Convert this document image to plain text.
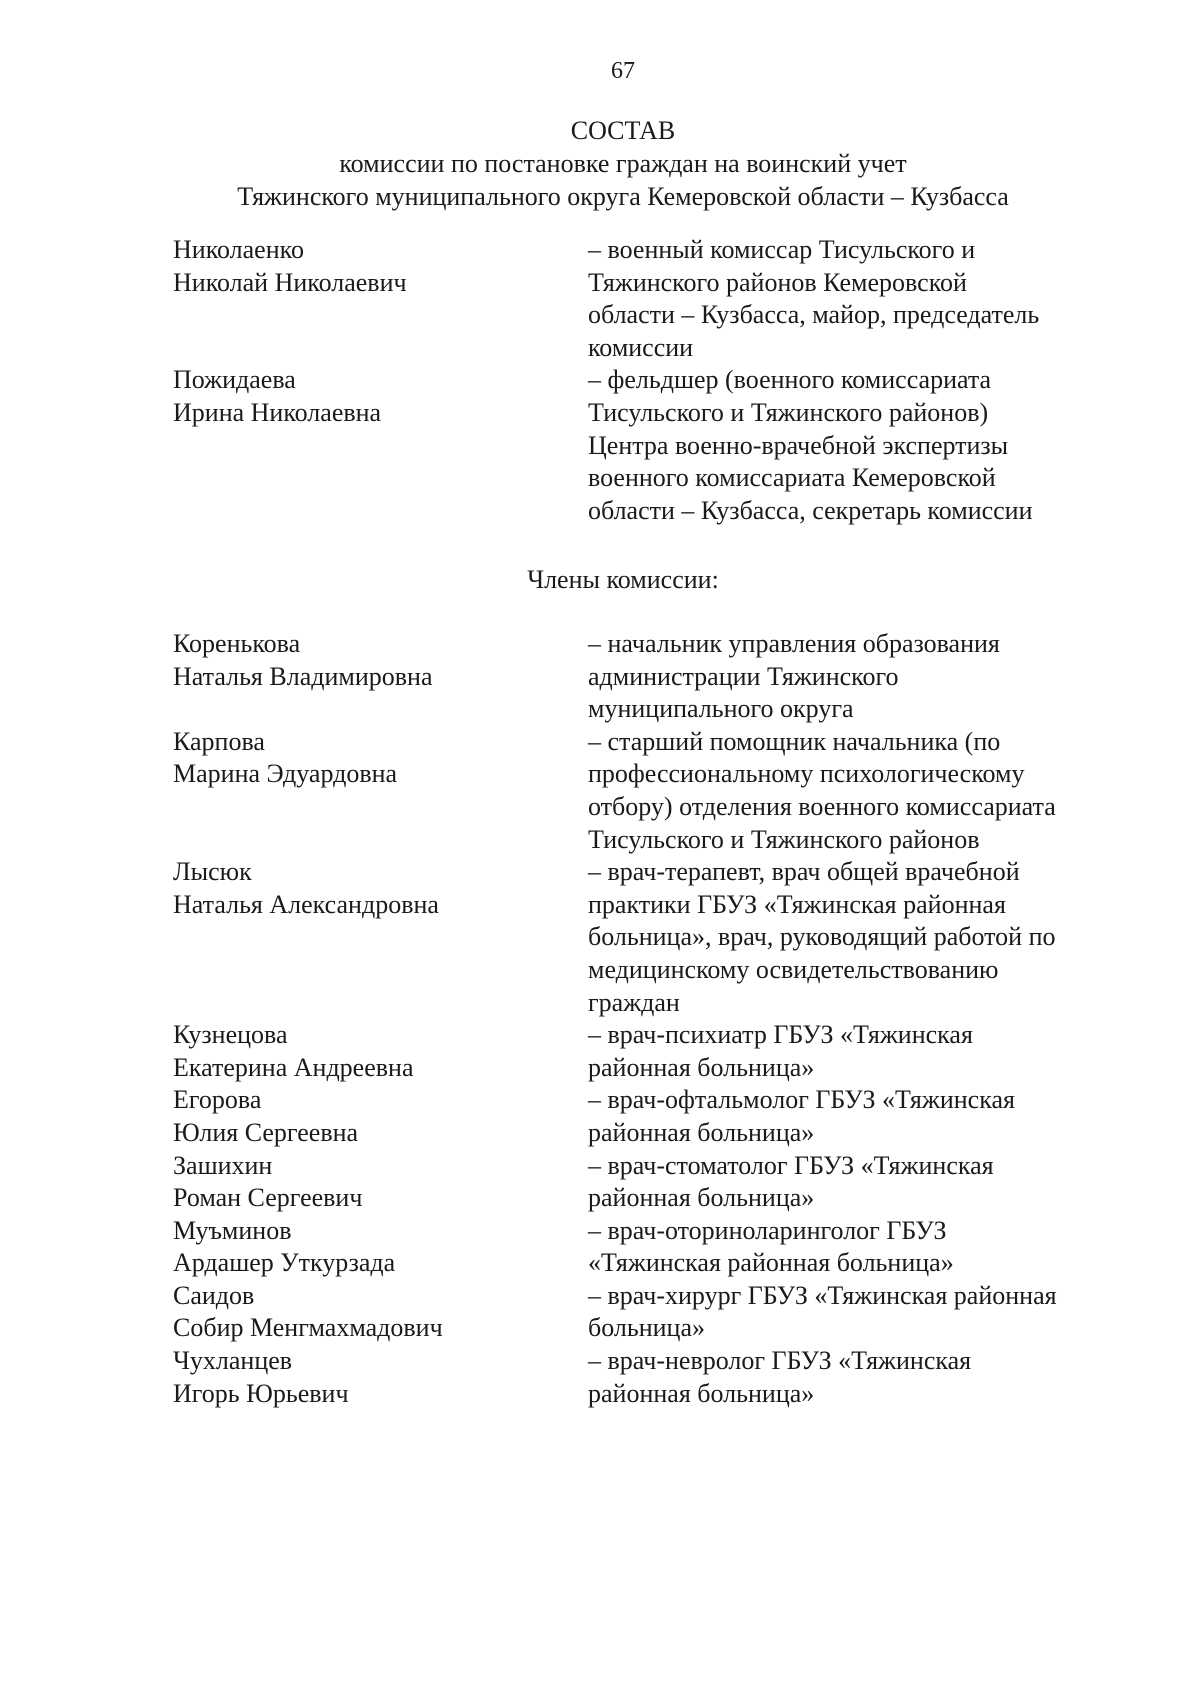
67
СОСТАВ
комиссии по постановке граждан на воинский учет
Тяжинского муниципального округа Кемеровской области – Кузбасса
Николаенко
Николай Николаевич
– военный комиссар Тисульского и
Тяжинского районов Кемеровской
области – Кузбасса, майор, председатель
комиссии
Пожидаева
Ирина Николаевна
– фельдшер (военного комиссариата
Тисульского и Тяжинского районов)
Центра военно-врачебной экспертизы
военного комиссариата Кемеровской
области – Кузбасса, секретарь комиссии
Члены комиссии:
Коренькова
Наталья Владимировна
– начальник управления образования
администрации Тяжинского
муниципального округа
Карпова
Марина Эдуардовна
– старший помощник начальника (по
профессиональному психологическому
отбору) отделения военного комиссариата
Тисульского и Тяжинского районов
Лысюк
Наталья Александровна
– врач-терапевт, врач общей врачебной
практики ГБУЗ «Тяжинская районная
больница», врач, руководящий работой по
медицинскому освидетельствованию
граждан
Кузнецова
Екатерина Андреевна
– врач-психиатр ГБУЗ «Тяжинская
районная больница»
Егорова
Юлия Сергеевна
– врач-офтальмолог ГБУЗ «Тяжинская
районная больница»
Зашихин
Роман Сергеевич
– врач-стоматолог ГБУЗ «Тяжинская
районная больница»
Муъминов
Ардашер Уткурзада
– врач-оториноларинголог ГБУЗ
«Тяжинская районная больница»
Саидов
Собир Менгмахмадович
– врач-хирург ГБУЗ «Тяжинская районная
больница»
Чухланцев
Игорь Юрьевич
– врач-невролог ГБУЗ «Тяжинская
районная больница»
